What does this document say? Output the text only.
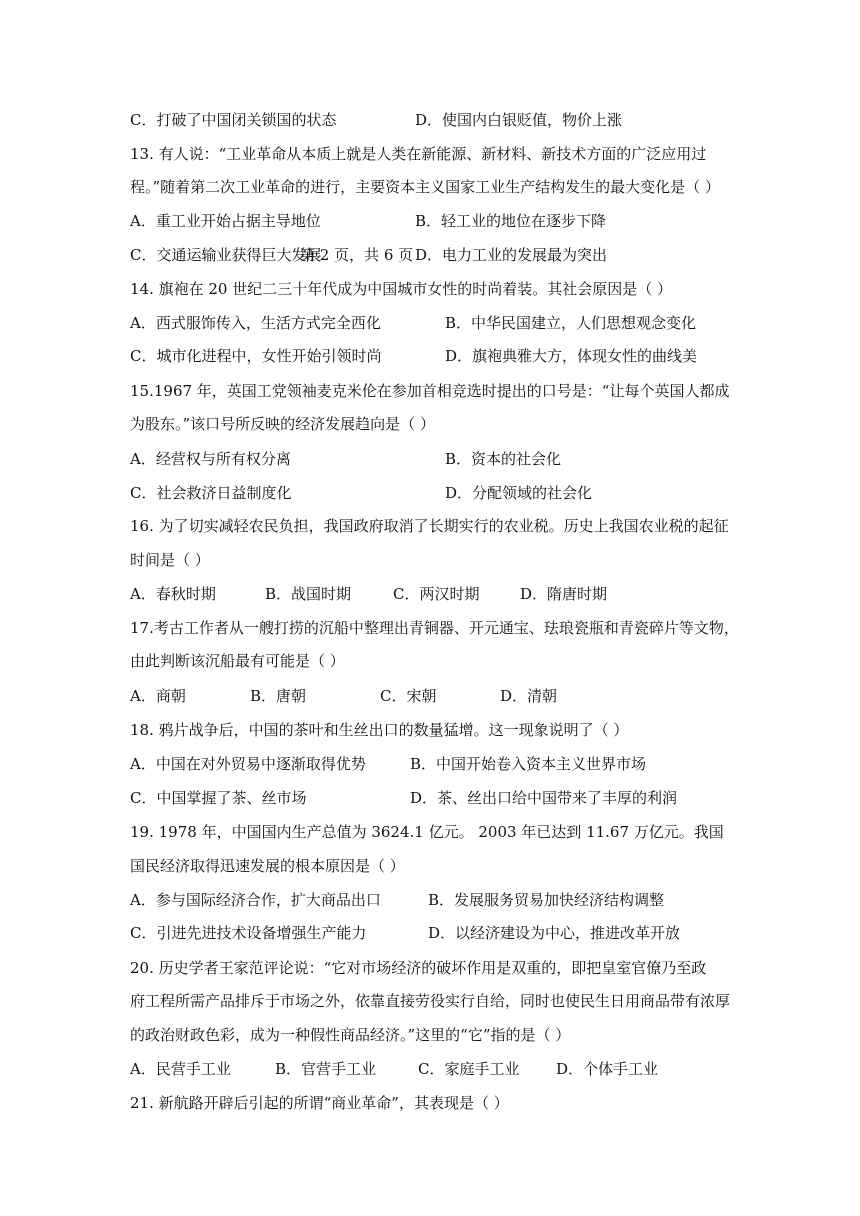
C．打破了中国闭关锁国的状态	D．使国内白银贬值，物价上涨
13. 有人说：“工业革命从本质上就是人类在新能源、新材料、新技术方面的广泛应用过
程。”随着第二次工业革命的进行，主要资本主义国家工业生产结构发生的最大变化是（ ）
A．重工业开始占据主导地位	B．轻工业的地位在逐步下降
第 2 页，共 6 页
C．交通运输业获得巨大发展	D．电力工业的发展最为突出
14. 旗袍在 20 世纪二三十年代成为中国城市女性的时尚着装。其社会原因是（ ）
A．西式服饰传入，生活方式完全西化	B．中华民国建立，人们思想观念变化
C．城市化进程中，女性开始引领时尚	D．旗袍典雅大方，体现女性的曲线美
15.1967 年，英国工党领袖麦克米伦在参加首相竞选时提出的口号是：“让每个英国人都成
为股东。”该口号所反映的经济发展趋向是（ ）
A．经营权与所有权分离	B．资本的社会化
C．社会救济日益制度化	D．分配领域的社会化
16. 为了切实减轻农民负担，我国政府取消了长期实行的农业税。历史上我国农业税的起征
时间是（ ）
A．春秋时期	B．战国时期	C．两汉时期	D．隋唐时期
17.考古工作者从一艘打捞的沉船中整理出青铜器、开元通宝、珐琅瓷瓶和青瓷碎片等文物，
由此判断该沉船最有可能是（ ）
A．商朝	B．唐朝	C．宋朝	D．清朝
18. 鸦片战争后，中国的茶叶和生丝出口的数量猛增。这一现象说明了（ ）
A．中国在对外贸易中逐渐取得优势	B．中国开始卷入资本主义世界市场
C．中国掌握了茶、丝市场	D．茶、丝出口给中国带来了丰厚的利润
19. 1978 年，中国国内生产总值为 3624.1 亿元。 2003 年已达到 11.67 万亿元。我国
国民经济取得迅速发展的根本原因是（ ）
A．参与国际经济合作，扩大商品出口	B．发展服务贸易加快经济结构调整
C．引进先进技术设备增强生产能力	D．以经济建设为中心，推进改革开放
20. 历史学者王家范评论说：“它对市场经济的破坏作用是双重的，即把皇室官僚乃至政
府工程所需产品排斥于市场之外，依靠直接劳役实行自给，同时也使民生日用商品带有浓厚
的政治财政色彩，成为一种假性商品经济。”这里的“它”指的是（ ）
A．民营手工业	B．官营手工业	C．家庭手工业 D．个体手工业
21. 新航路开辟后引起的所谓“商业革命”，其表现是（ ）
